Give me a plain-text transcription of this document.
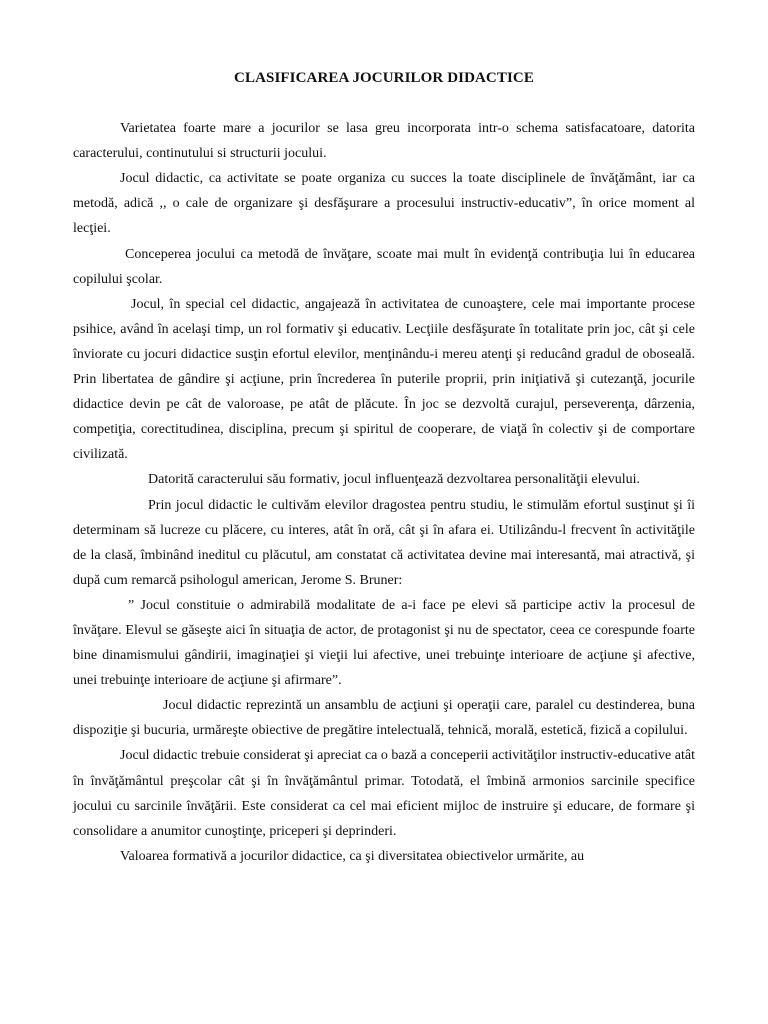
CLASIFICAREA JOCURILOR DIDACTICE

Varietatea foarte mare a jocurilor se lasa greu incorporata intr-o schema satisfacatoare, datorita caracterului, continutului si structurii jocului.

Jocul didactic, ca activitate se poate organiza cu succes la toate disciplinele de învăţământ, iar ca metodă, adică ,, o cale de organizare şi desfăşurare a procesului instructiv-educativ”, în orice moment al lecţiei.

Conceperea jocului ca metodă de învăţare, scoate mai mult în evidenţă contribuţia lui în educarea copilului şcolar.

Jocul, în special cel didactic, angajează în activitatea de cunoaştere, cele mai importante procese psihice, având în acelaşi timp, un rol formativ şi educativ. Lecţiile desfăşurate în totalitate prin joc, cât şi cele înviorate cu jocuri didactice susţin efortul elevilor, menţinându-i mereu atenţi şi reducând gradul de oboseală. Prin libertatea de gândire şi acţiune, prin încrederea în puterile proprii, prin iniţiativă şi cutezanţă, jocurile didactice devin pe cât de valoroase, pe atât de plăcute. În joc se dezvoltă curajul, perseverenţa, dârzenia, competiţia, corectitudinea, disciplina, precum şi spiritul de cooperare, de viaţă în colectiv şi de comportare civilizată.

Datorită caracterului său formativ, jocul influenţează dezvoltarea personalităţii elevului.

Prin jocul didactic le cultivăm elevilor dragostea pentru studiu, le stimulăm efortul susţinut şi îi determinam să lucreze cu plăcere, cu interes, atât în oră, cât şi în afara ei. Utilizându-l frecvent în activităţile de la clasă, îmbinând ineditul cu plăcutul, am constatat că activitatea devine mai interesantă, mai atractivă, şi după cum remarcă psihologul american, Jerome S. Bruner:

” Jocul constituie o admirabilă modalitate de a-i face pe elevi să participe activ la procesul de învăţare. Elevul se găseşte aici în situaţia de actor, de protagonist şi nu de spectator, ceea ce corespunde foarte bine dinamismului gândirii, imaginaţiei şi vieţii lui afective, unei trebuinţe interioare de acţiune şi afective, unei trebuinţe interioare de acţiune şi afirmare”.

Jocul didactic reprezintă un ansamblu de acţiuni şi operaţii care, paralel cu destinderea, buna dispoziţie şi bucuria, urmăreşte obiective de pregătire intelectuală, tehnică, morală, estetică, fizică a copilului.

Jocul didactic trebuie considerat şi apreciat ca o bază a conceperii activităţilor instructiv-educative atât în învăţământul preşcolar cât şi în învăţământul primar. Totodată, el îmbină armonios sarcinile specifice jocului cu sarcinile învăţării. Este considerat ca cel mai eficient mijloc de instruire şi educare, de formare şi consolidare a anumitor cunoştinţe, priceperi şi deprinderi.

Valoarea formativă a jocurilor didactice, ca şi diversitatea obiectivelor urmărite, au
